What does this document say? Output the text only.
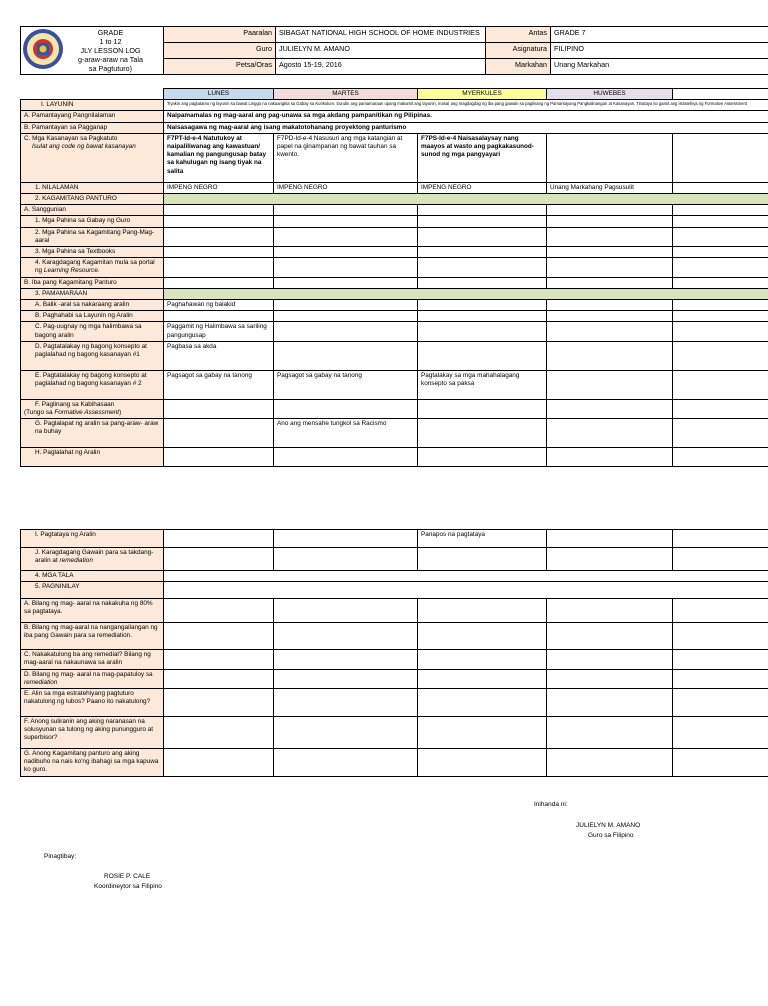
GRADE
1 to 12
JLY LESSON LOG
g-araw-araw na Tala
sa Pagtuturo)	Paaralan	SIBAGAT NATIONAL HIGH SCHOOL OF HOME INDUSTRIES	Antas	GRADE 7
	Guro	JULIELYN M. AMANO	Asignatura	FILIPINO
	Petsa/Oras	Agosto 15-19, 2016	Markahan	Unang Markahan
	LUNES	MARTES	MYERKULES	HUWEBES	
I. LAYUNIN	Tiyakin ang pagtatamo ng layunin sa bawat Linggo na nakaangkla sa Gabay sa Kurikulum. Sundin ang pamamaraan upang makamit ang layunin, masaì ang magdagdag ng iba pang gawain sa paglinang ng Pamantayang Pangkalinangan at Kasanayan. Tinataya ito gamit ang istratehiya ng Formative Assessment				
A. Pamantayang Pangnilalaman	Naipamamalas ng mag-aaral ang pag-unawa sa mga akdang pampanitikan ng Pilipinas.				
B. Pamantayan sa Pagganap	Naisasagawa ng mag-aaral ang isang makatotohanang proyektong panturismo				

C. Mga Kasanayan sa Pagkatuto
Isulat ang code ng bawat kasanayan	F7PT-Id-e-4 Natutukoy at naipaliliwanag ang kawastuan/ kamalian ng pangungusap batay sa kahulugan ng isang tiyak na salita	F7PD-Id-e-4 Nasusuri ang mga katangian at papel na ginampanan ng bawat tauhan sa kwento.	F7PS-Id-e-4 Naisasalaysay nang maayos at wasto ang pagkakasunod-sunod ng mga pangyayari		
1. NILALAMAN	IMPENG NEGRO	IMPENG NEGRO	IMPENG NEGRO	Unang Markahang Pagsusulit	
2. KAGAMITANG PANTURO					
A. Sanggunian					
1. Mga Pahina sa Gabay ng Guro					
2. Mga Pahina sa Kagamitang Pang-Mag-aaral					
3. Mga Pahina sa Textbooks					
4. Karagdagang Kagamitan mula sa portal ng Learning Resource.					
B. Iba pang Kagamitang Panturo					
3. PAMAMARAAN					
A. Balik -aral sa nakaraang aralin	Paghahawan ng balakid				
B. Paghahabi sa Layunin ng Aralin					
C. Pag-uugnay ng mga halimbawa sa bagong aralin	Paggamit ng Halimbawa sa sariling pangungusap				
D. Pagtatalakay ng bagong konsepto at paglalahad ng bagong kasanayan #1	Pagbasa sa akda				
E. Pagtatalakay ng bagong konsepto at paglalahad ng bagong kasanayan # 2	Pagsagot sa gabay na tanong	Pagsagot sa gabay na tanong	Pagtalakay sa mga mahahalagang konsepto sa paksa		

F. Paglinang sa Kabihasaan
(Tungo sa Formative Assessment)					

G. Paglalapat ng aralin sa pang-araw- araw na buhay		Ano ang mensahe tungkol sa Racismo			
H. Paglalahat ng Aralin					
I. Pagtataya ng Aralin			Panapos na pagtataya		
J. Karagdagang Gawain para sa takdang- aralin at remediation					
4. MGA TALA					
5. PAGNINILAY					
A. Bilang ng mag- aaral na nakakuha ng 80% sa pagtataya.					
B. Bilang ng mag-aaral na nangangailangan ng iba pang Gawain para sa remediation.					
C. Nakakatulong ba ang remedial? Bilang ng mag-aaral na nakaunawa sa aralin					
D. Bilang ng mag- aaral na mag-papatuloy sa remediation					
E. Alin sa mga estratehiyang pagtuturo nakatulong ng lubos? Paano ito nakatulong?					
F. Anong suliranin ang aking naranasan na solusyunan sa tulong ng aking punungguro at superbisor?					
G. Anong Kagamitang panturo ang aking nadibuho na nais ko'ng ibahagi sa mga kapuwa ko guro.					
Inihanda ni:
JULIELYN M. AMANO
Guro sa Filipino
Pinagtibay:
ROSIE P. CALE
Koordineytor sa Filipino
